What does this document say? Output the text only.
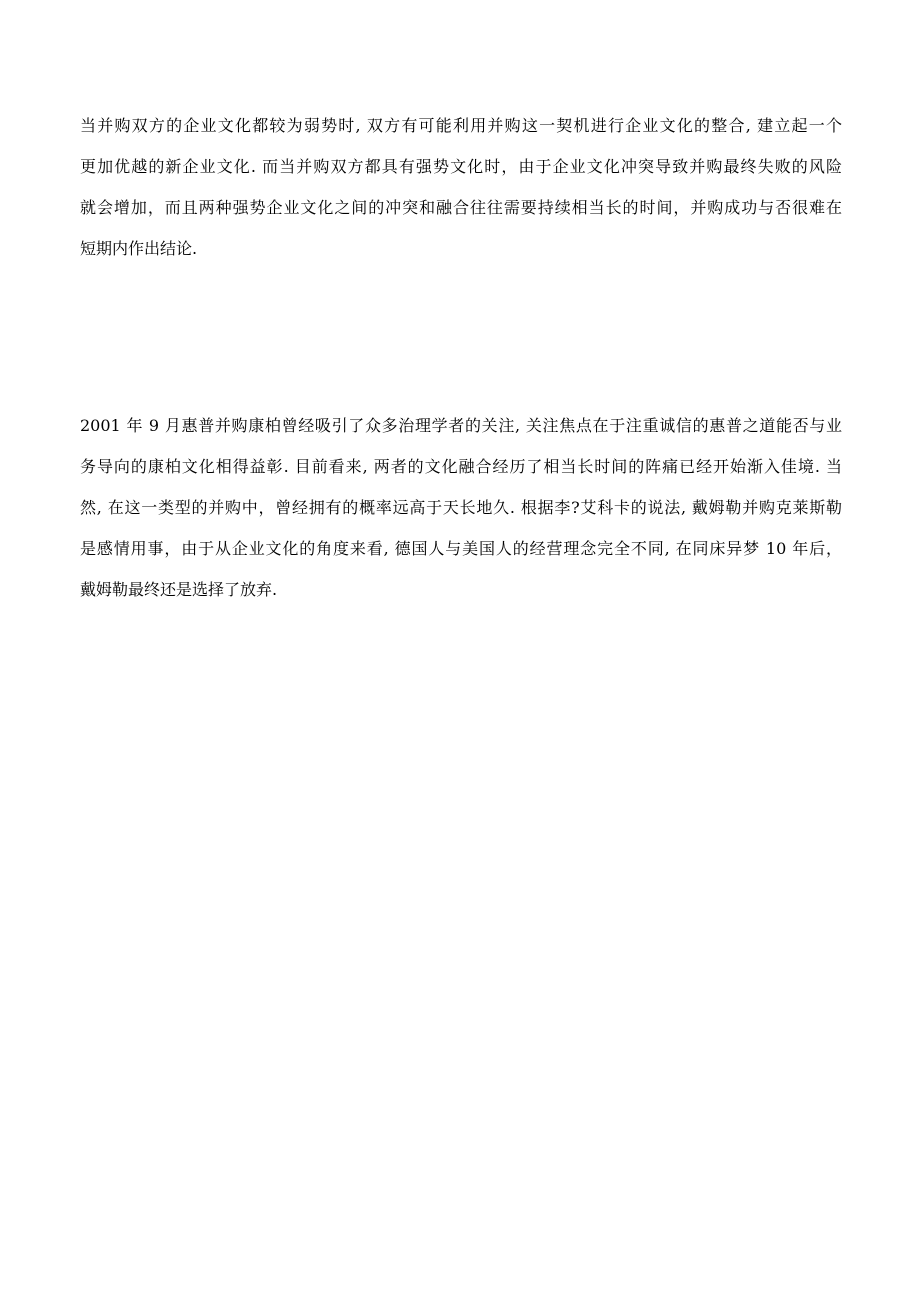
当并购双方的企业文化都较为弱势时, 双方有可能利用并购这一契机进行企业文化的整合, 建立起一个
更加优越的新企业文化. 而当并购双方都具有强势文化时，由于企业文化冲突导致并购最终失败的风险
就会增加，而且两种强势企业文化之间的冲突和融合往往需要持续相当长的时间，并购成功与否很难在
短期内作出结论.

2001 年 9 月惠普并购康柏曾经吸引了众多治理学者的关注, 关注焦点在于注重诚信的惠普之道能否与业
务导向的康柏文化相得益彰. 目前看来, 两者的文化融合经历了相当长时间的阵痛已经开始渐入佳境. 当
然, 在这一类型的并购中，曾经拥有的概率远高于天长地久. 根据李?艾科卡的说法, 戴姆勒并购克莱斯勒
是感情用事，由于从企业文化的角度来看, 德国人与美国人的经营理念完全不同, 在同床异梦 10 年后，
戴姆勒最终还是选择了放弃.
